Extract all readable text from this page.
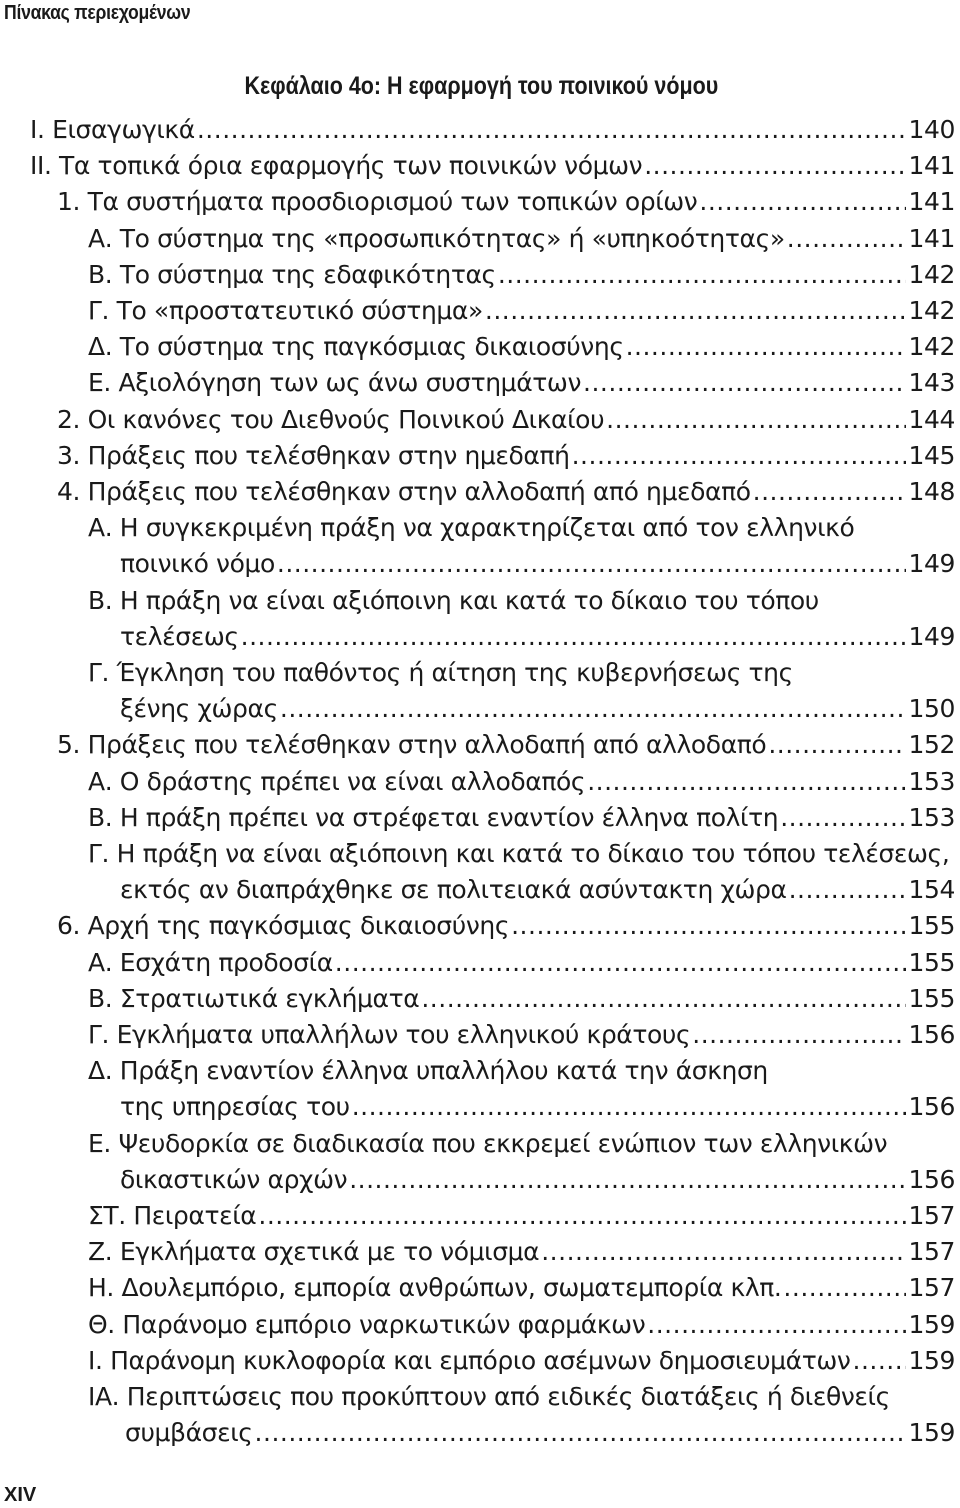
Πίνακας περιεχομένων
Κεφάλαιο 4ο: Η εφαρμογή του ποινικού νόμου
I. Εισαγωγικά .....	140
II. Τα τοπικά όρια εφαρμογής των ποινικών νόμων .....	141
1. Τα συστήματα προσδιορισμού των τοπικών ορίων .....	141
Α. Το σύστημα της «προσωπικότητας» ή «υπηκοότητας» .....	141
Β. Το σύστημα της εδαφικότητας .....	142
Γ. Το «προστατευτικό σύστημα» .....	142
Δ. Το σύστημα της παγκόσμιας δικαιοσύνης .....	142
Ε. Αξιολόγηση των ως άνω συστημάτων .....	143
2. Οι κανόνες του Διεθνούς Ποινικού Δικαίου .....	144
3. Πράξεις που τελέσθηκαν στην ημεδαπή .....	145
4. Πράξεις που τελέσθηκαν στην αλλοδαπή από ημεδαπό .....	148
Α. Η συγκεκριμένη πράξη να χαρακτηρίζεται από τον ελληνικό
ποινικό νόμο .....	149
Β. Η πράξη να είναι αξιόποινη και κατά το δίκαιο του τόπου
τελέσεως .....	149
Γ. Έγκληση του παθόντος ή αίτηση της κυβερνήσεως της
ξένης χώρας .....	150
5. Πράξεις που τελέσθηκαν στην αλλοδαπή από αλλοδαπό .....	152
Α. Ο δράστης πρέπει να είναι αλλοδαπός .....	153
Β. Η πράξη πρέπει να στρέφεται εναντίον έλληνα πολίτη .....	153
Γ. Η πράξη να είναι αξιόποινη και κατά το δίκαιο του τόπου τελέσεως,
εκτός αν διαπράχθηκε σε πολιτειακά ασύντακτη χώρα .....	154
6. Αρχή της παγκόσμιας δικαιοσύνης .....	155
Α. Εσχάτη προδοσία .....	155
Β. Στρατιωτικά εγκλήματα .....	155
Γ. Εγκλήματα υπαλλήλων του ελληνικού κράτους .....	156
Δ. Πράξη εναντίον έλληνα υπαλλήλου κατά την άσκηση
της υπηρεσίας του .....	156
Ε. Ψευδορκία σε διαδικασία που εκκρεμεί ενώπιον των ελληνικών
δικαστικών αρχών .....	156
ΣΤ. Πειρατεία .....	157
Ζ. Εγκλήματα σχετικά με το νόμισμα .....	157
Η. Δουλεμπόριο, εμπορία ανθρώπων, σωματεμπορία κλπ. .....	157
Θ. Παράνομο εμπόριο ναρκωτικών φαρμάκων .....	159
Ι. Παράνομη κυκλοφορία και εμπόριο ασέμνων δημοσιευμάτων ..... 159
ΙΑ. Περιπτώσεις που προκύπτουν από ειδικές διατάξεις ή διεθνείς
συμβάσεις .....	159
XIV
